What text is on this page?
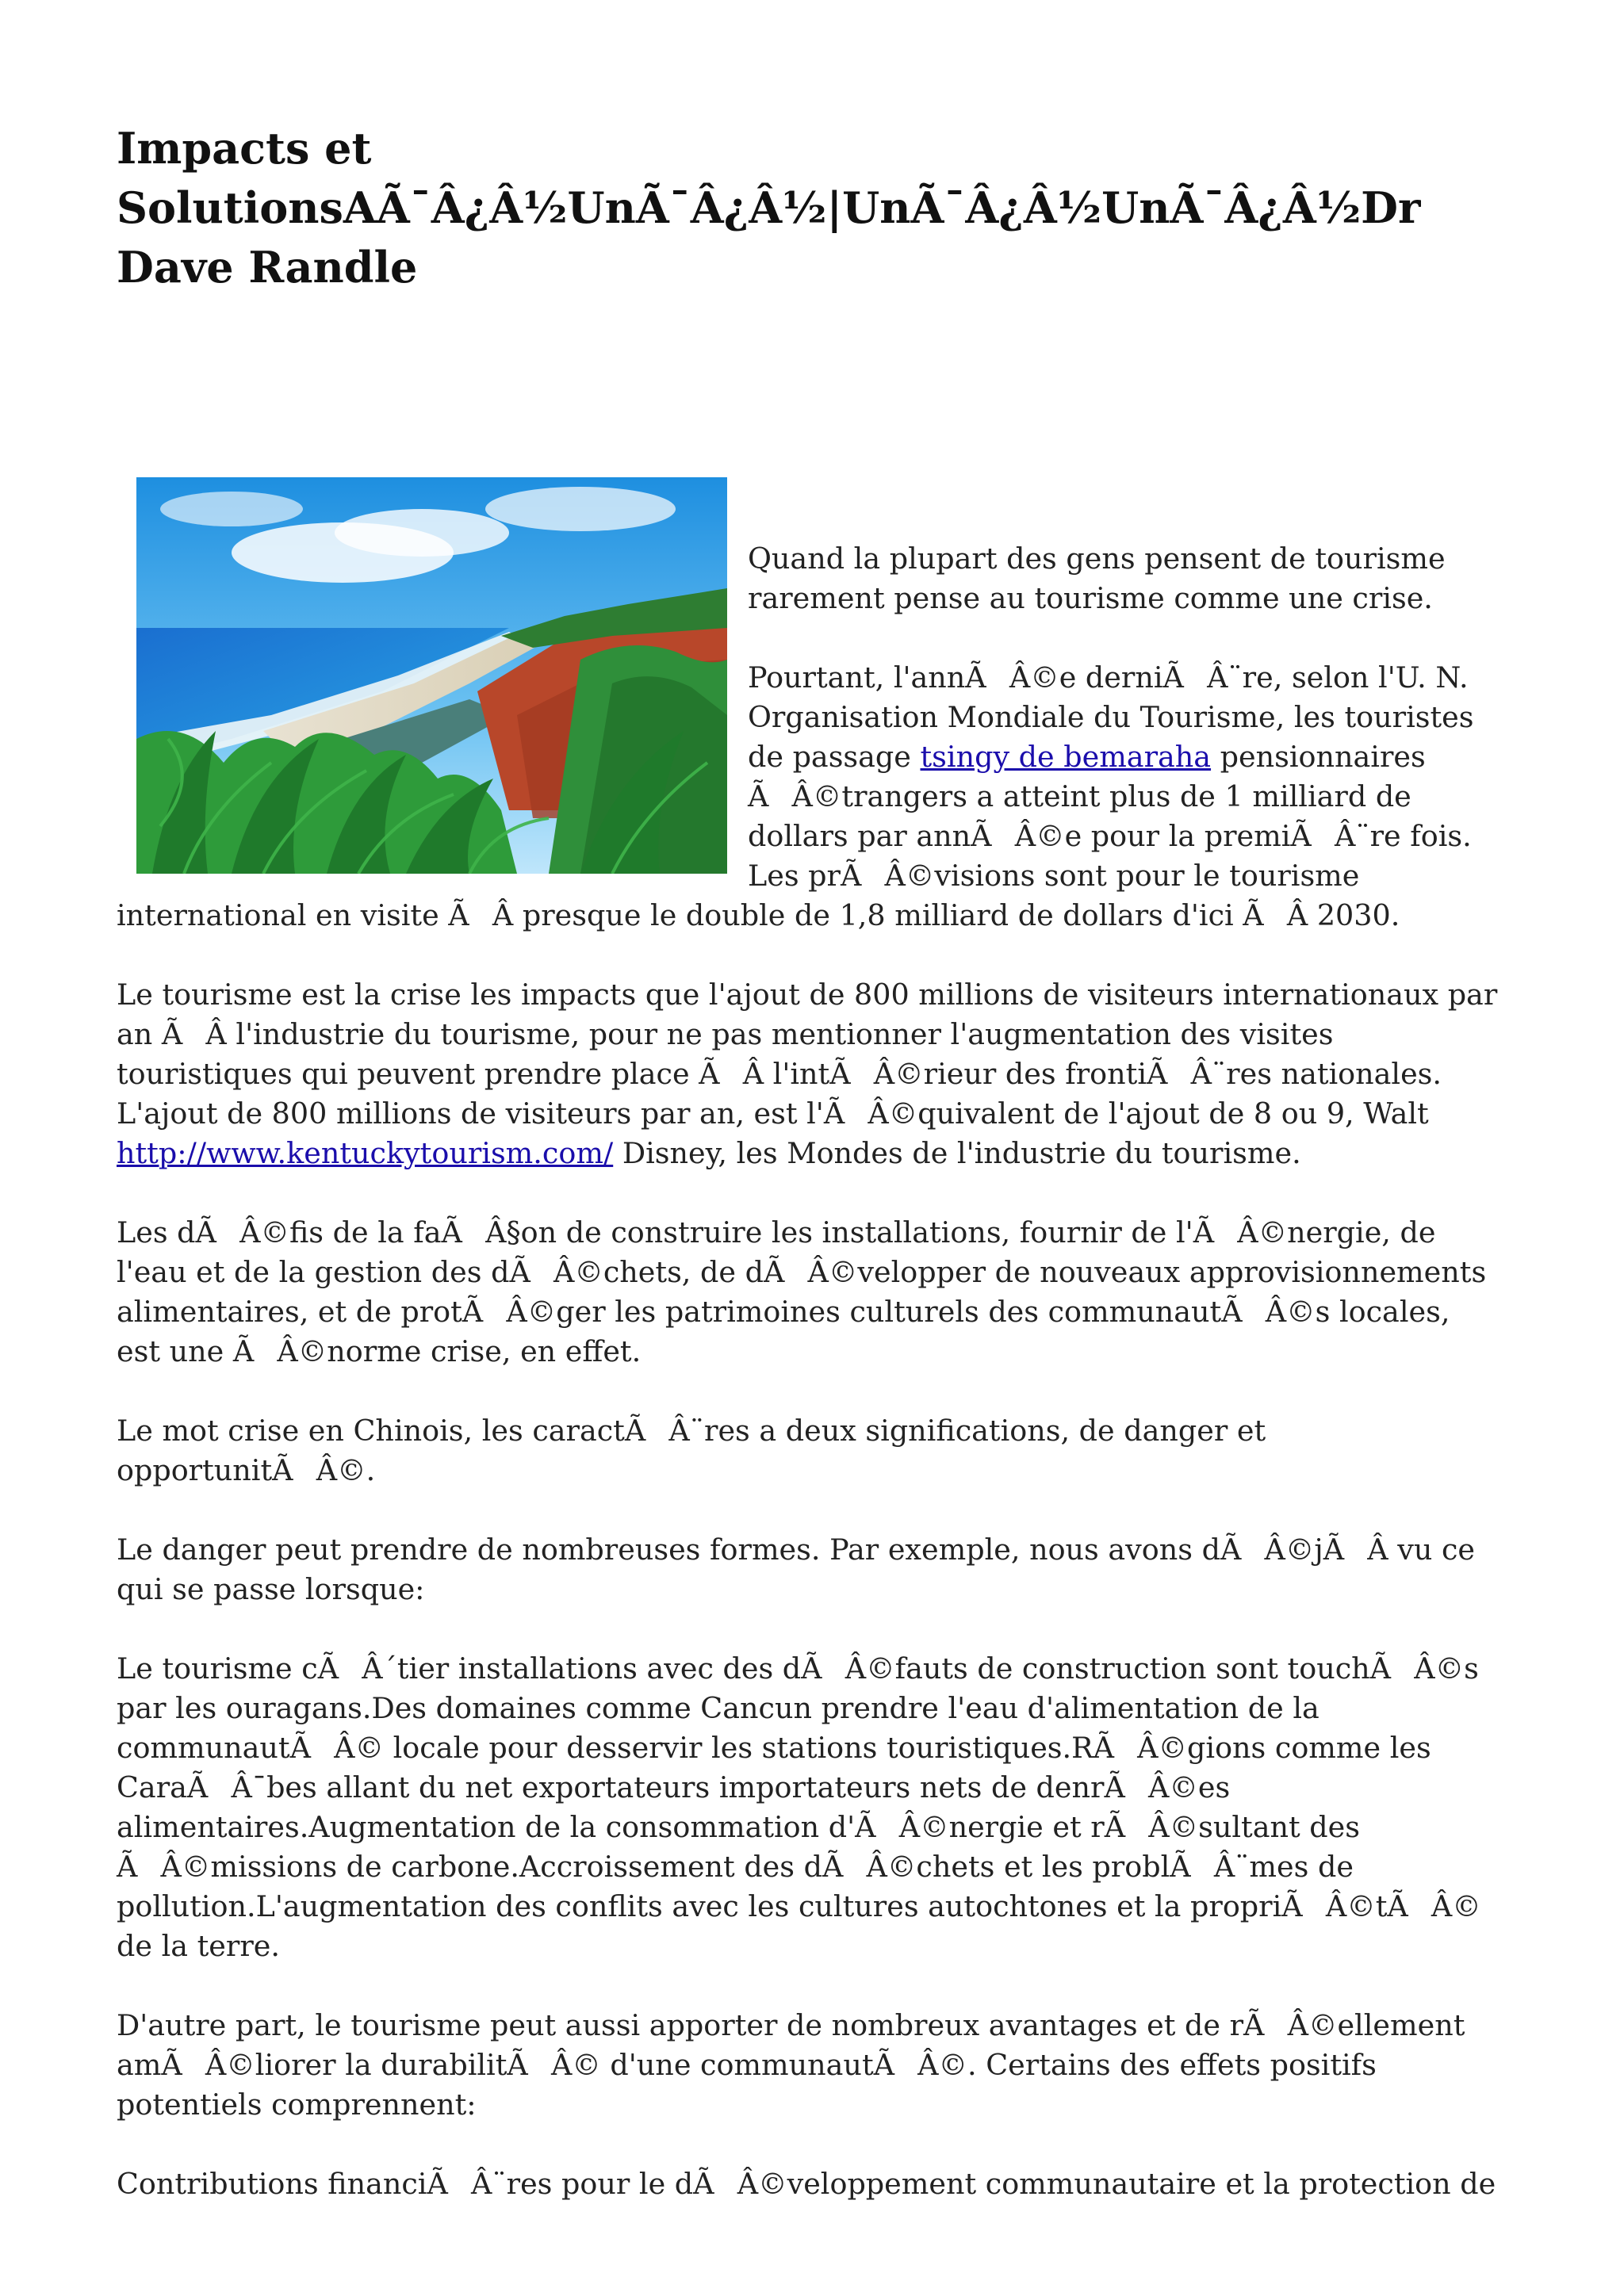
Impacts et SolutionsAÃ¯Â¿Â½UnÃ¯Â¿Â½|UnÃ¯Â¿Â½UnÃ¯Â¿Â½Dr Dave Randle

Quand la plupart des gens pensent de tourisme rarement pense au tourisme comme une crise.

Pourtant, l'annÃÂ©e derniÃÂ¨re, selon l'U. N. Organisation Mondiale du Tourisme, les touristes de passage tsingy de bemaraha pensionnaires ÃÂ©trangers a atteint plus de 1 milliard de dollars par annÃÂ©e pour la premiÃÂ¨re fois. Les prÃÂ©visions sont pour le tourisme international en visite ÃÂ presque le double de 1,8 milliard de dollars d'ici ÃÂ 2030.

Le tourisme est la crise les impacts que l'ajout de 800 millions de visiteurs internationaux par an ÃÂ l'industrie du tourisme, pour ne pas mentionner l'augmentation des visites touristiques qui peuvent prendre place ÃÂ l'intÃÂ©rieur des frontiÃÂ¨res nationales. L'ajout de 800 millions de visiteurs par an, est l'ÃÂ©quivalent de l'ajout de 8 ou 9, Walt http://www.kentuckytourism.com/ Disney, les Mondes de l'industrie du tourisme.

Les dÃÂ©fis de la faÃÂ§on de construire les installations, fournir de l'ÃÂ©nergie, de l'eau et de la gestion des dÃÂ©chets, de dÃÂ©velopper de nouveaux approvisionnements alimentaires, et de protÃÂ©ger les patrimoines culturels des communautÃÂ©s locales, est une ÃÂ©norme crise, en effet.

Le mot crise en Chinois, les caractÃÂ¨res a deux significations, de danger et opportunitÃÂ©.

Le danger peut prendre de nombreuses formes. Par exemple, nous avons dÃÂ©jÃÂ vu ce qui se passe lorsque:

Le tourisme cÃÂ´tier installations avec des dÃÂ©fauts de construction sont touchÃÂ©s par les ouragans.Des domaines comme Cancun prendre l'eau d'alimentation de la communautÃÂ© locale pour desservir les stations touristiques.RÃÂ©gions comme les CaraÃÂ¯bes allant du net exportateurs importateurs nets de denrÃÂ©es alimentaires.Augmentation de la consommation d'ÃÂ©nergie et rÃÂ©sultant des ÃÂ©missions de carbone.Accroissement des dÃÂ©chets et les problÃÂ¨mes de pollution.L'augmentation des conflits avec les cultures autochtones et la propriÃÂ©tÃÂ© de la terre.

D'autre part, le tourisme peut aussi apporter de nombreux avantages et de rÃÂ©ellement amÃÂ©liorer la durabilitÃÂ© d'une communautÃÂ©. Certains des effets positifs potentiels comprennent:

Contributions financiÃÂ¨res pour le dÃÂ©veloppement communautaire et la protection de
